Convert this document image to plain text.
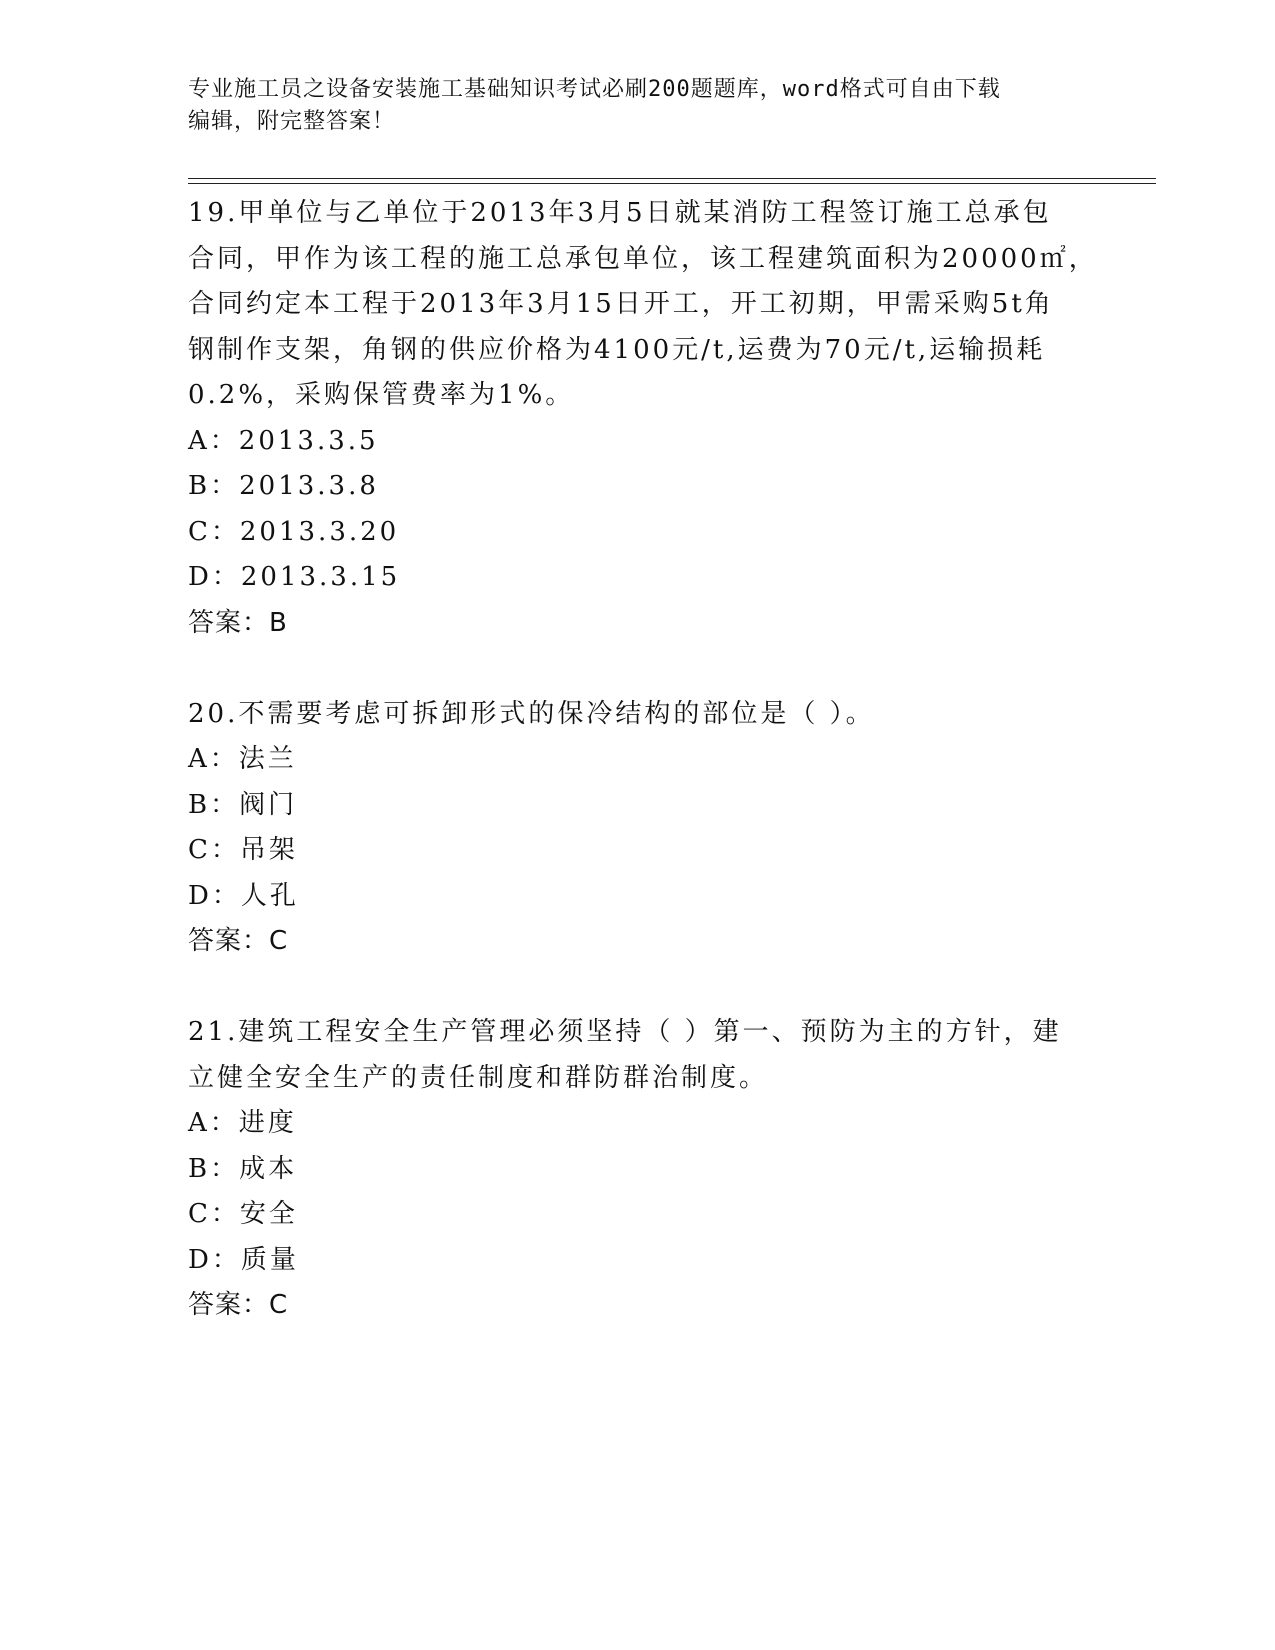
专业施工员之设备安装施工基础知识考试必刷200题题库，word格式可自由下载
编辑，附完整答案！
19.甲单位与乙单位于2013年3月5日就某消防工程签订施工总承包
合同，甲作为该工程的施工总承包单位，该工程建筑面积为20000㎡，
合同约定本工程于2013年3月15日开工，开工初期，甲需采购5t角
钢制作支架，角钢的供应价格为4100元/t,运费为70元/t,运输损耗
0.2%，采购保管费率为1%。
A：2013.3.5
B：2013.3.8
C：2013.3.20
D：2013.3.15
答案：B
20.不需要考虑可拆卸形式的保冷结构的部位是（ ）。
A：法兰
B：阀门
C：吊架
D：人孔
答案：C
21.建筑工程安全生产管理必须坚持（ ）第一、预防为主的方针，建
立健全安全生产的责任制度和群防群治制度。
A：进度
B：成本
C：安全
D：质量
答案：C
